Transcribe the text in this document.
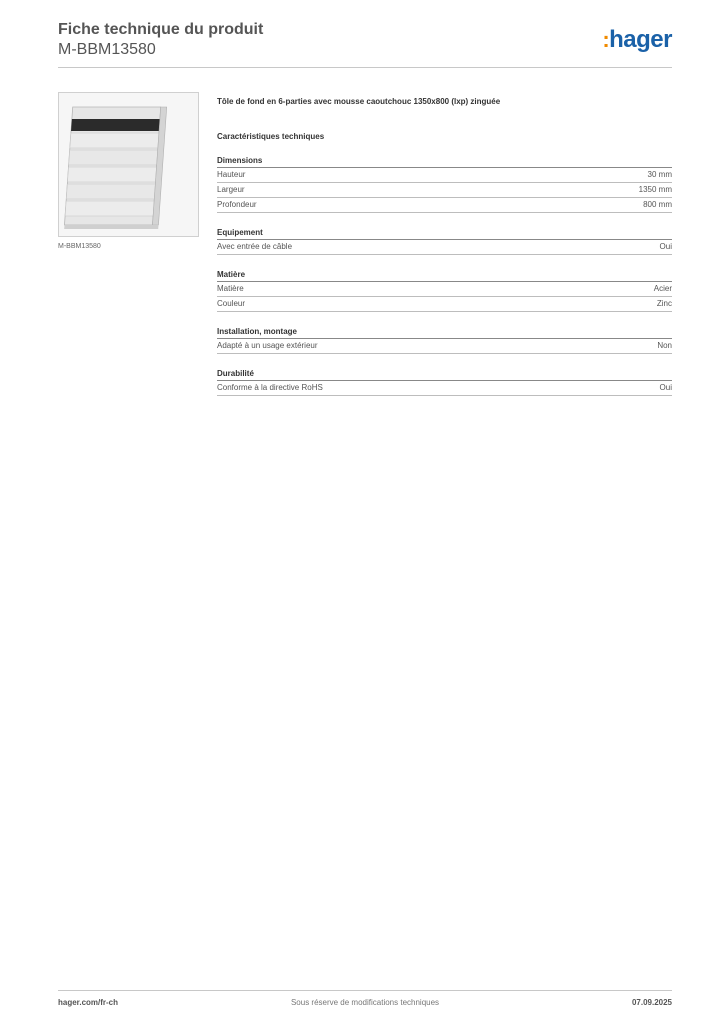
Fiche technique du produit
M-BBM13580	:hager
M-BBM13580
Tôle de fond en 6-parties avec mousse caoutchouc 1350x800 (lxp) zinguée
Caractéristiques techniques
Dimensions
Hauteur	30 mm
Largeur	1350 mm
Profondeur	800 mm
Equipement
Avec entrée de câble	Oui
Matière
Matière	Acier
Couleur	Zinc
Installation, montage
Adapté à un usage extérieur	Non
Durabilité
Conforme à la directive RoHS	Oui
hager.com/fr-ch	Sous réserve de modifications techniques	07.09.2025
